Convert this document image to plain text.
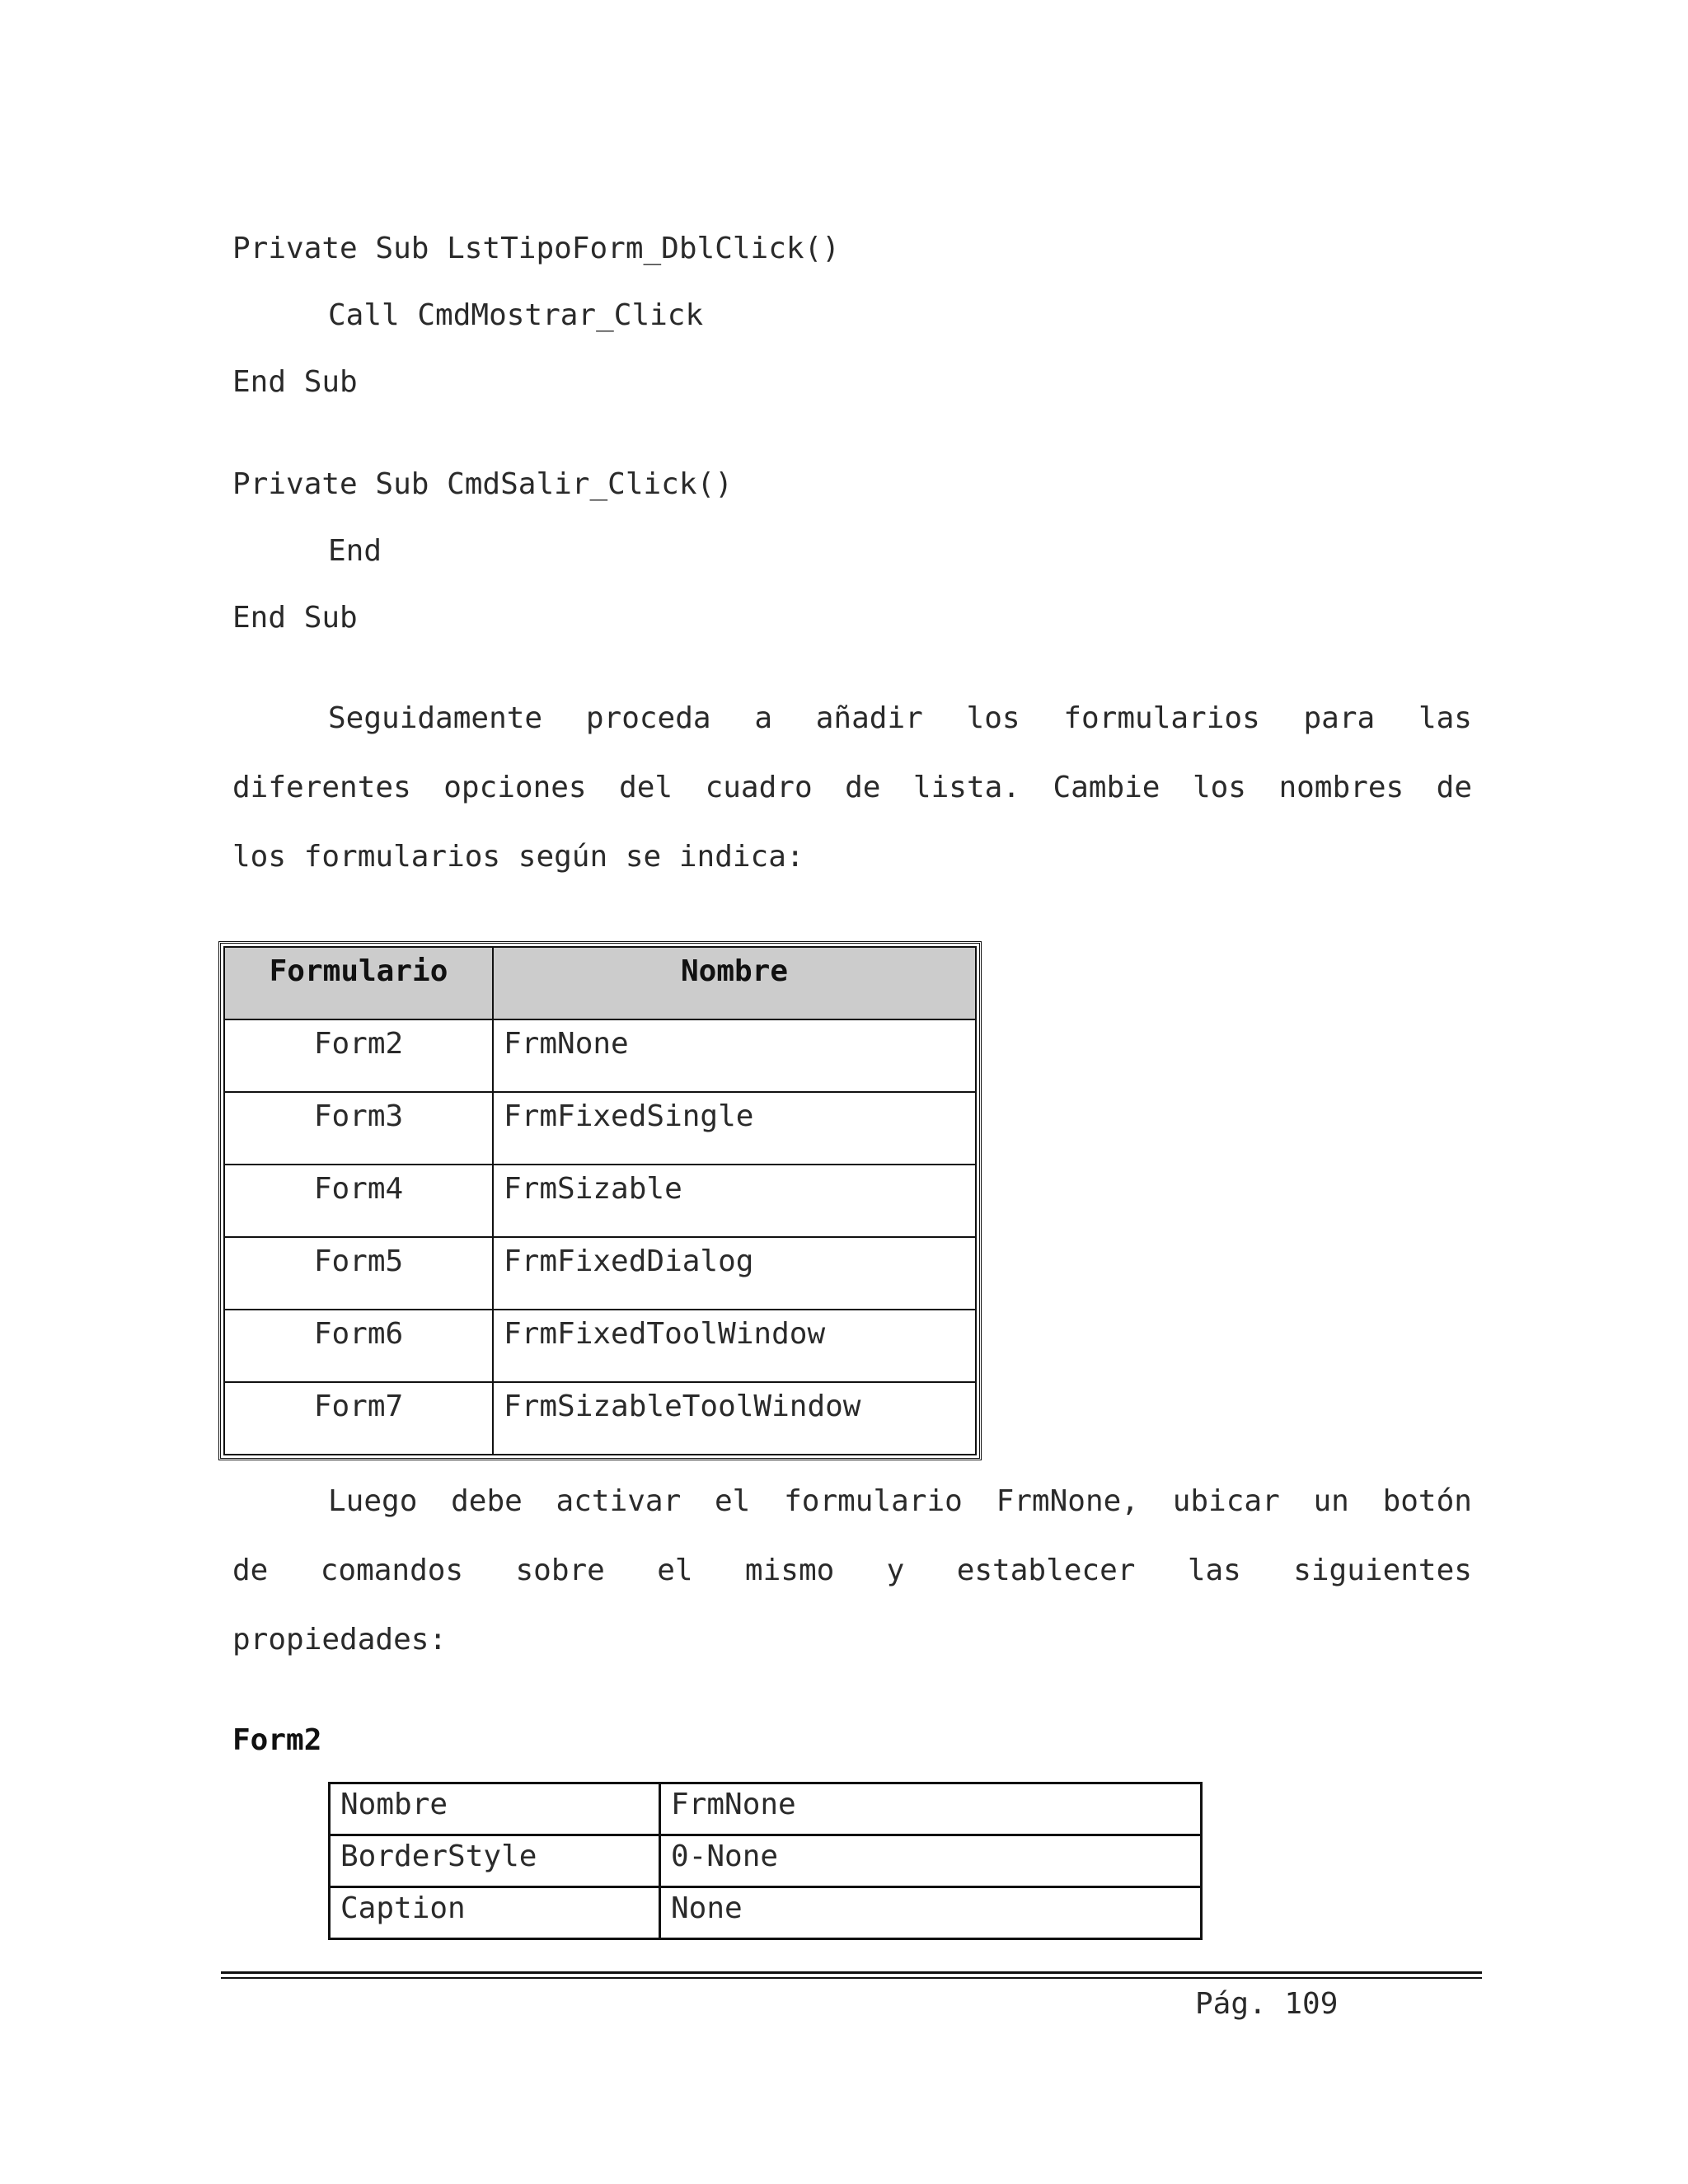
Private Sub LstTipoForm_DblClick()
Call CmdMostrar_Click
End Sub
Private Sub CmdSalir_Click()
End
End Sub
Seguidamente proceda a añadir los formularios para las
diferentes opciones del cuadro de lista. Cambie los nombres de
los formularios según se indica:
Formulario	Nombre
Form2	FrmNone
Form3	FrmFixedSingle
Form4	FrmSizable
Form5	FrmFixedDialog
Form6	FrmFixedToolWindow
Form7	FrmSizableToolWindow
Luego debe activar el formulario FrmNone, ubicar un botón
de comandos sobre el mismo y establecer las siguientes
propiedades:
Form2
Nombre	FrmNone
BorderStyle	0-None
Caption	None
Pág. 109
